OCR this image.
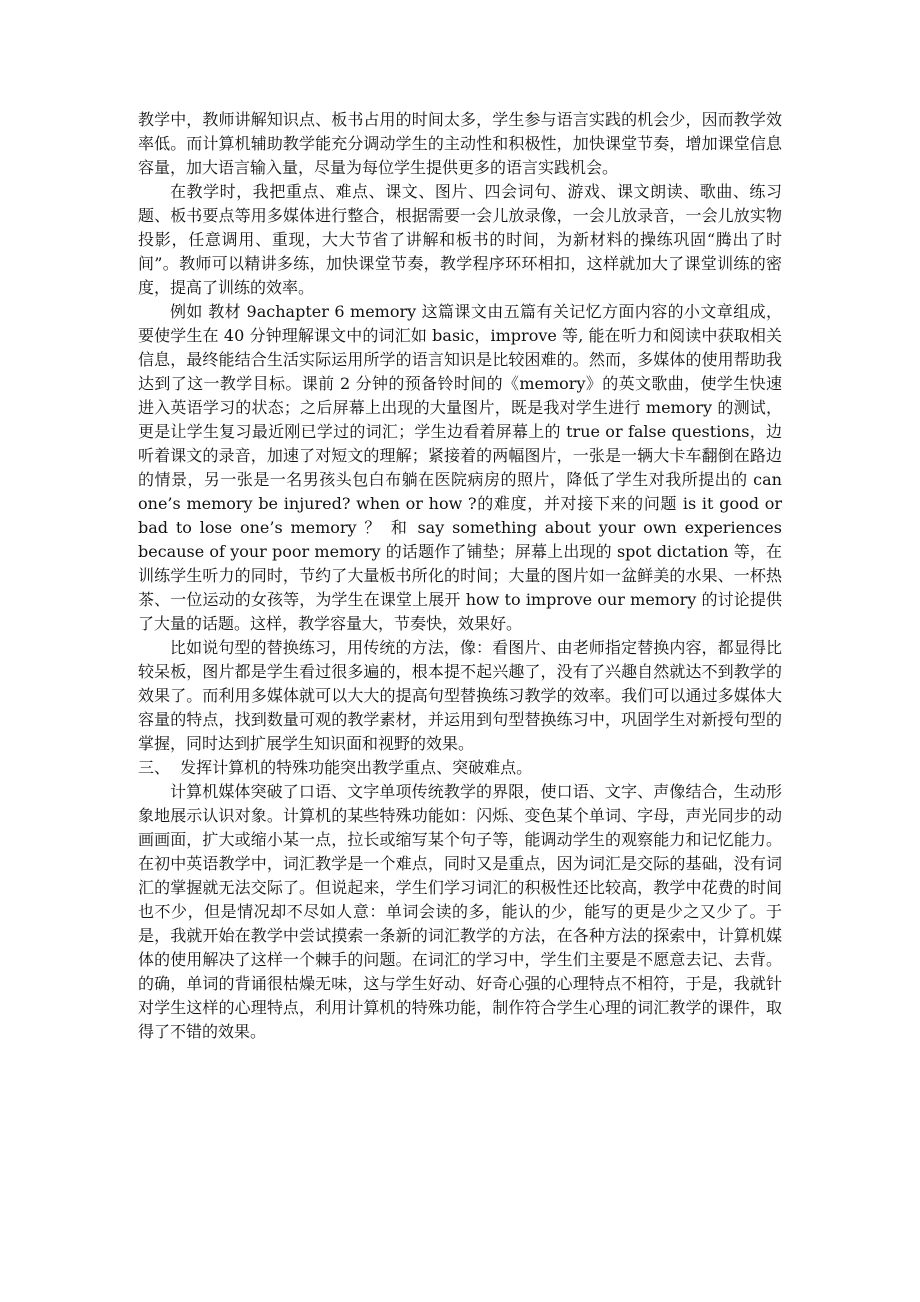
教学中，教师讲解知识点、板书占用的时间太多，学生参与语言实践的机会少，因而教学效率低。而计算机辅助教学能充分调动学生的主动性和积极性，加快课堂节奏，增加课堂信息容量，加大语言输入量，尽量为每位学生提供更多的语言实践机会。

在教学时，我把重点、难点、课文、图片、四会词句、游戏、课文朗读、歌曲、练习题、板书要点等用多媒体进行整合，根据需要一会儿放录像，一会儿放录音，一会儿放实物投影，任意调用、重现，大大节省了讲解和板书的时间，为新材料的操练巩固“腾出了时间”。教师可以精讲多练，加快课堂节奏，教学程序环环相扣，这样就加大了课堂训练的密度，提高了训练的效率。

例如 教材 9achapter 6 memory 这篇课文由五篇有关记忆方面内容的小文章组成，要使学生在 40 分钟理解课文中的词汇如 basic，improve 等, 能在听力和阅读中获取相关信息，最终能结合生活实际运用所学的语言知识是比较困难的。然而，多媒体的使用帮助我达到了这一教学目标。课前 2 分钟的预备铃时间的《memory》的英文歌曲，使学生快速进入英语学习的状态；之后屏幕上出现的大量图片，既是我对学生进行 memory 的测试，更是让学生复习最近刚已学过的词汇；学生边看着屏幕上的 true or false questions，边听着课文的录音，加速了对短文的理解；紧接着的两幅图片，一张是一辆大卡车翻倒在路边的情景，另一张是一名男孩头包白布躺在医院病房的照片，降低了学生对我所提出的 can one’s memory be injured? when or how ?的难度，并对接下来的问题 is it good or bad to lose one’s memory ？ 和 say something about your own experiences because of your poor memory 的话题作了铺垫；屏幕上出现的 spot dictation 等，在训练学生听力的同时，节约了大量板书所化的时间；大量的图片如一盆鲜美的水果、一杯热茶、一位运动的女孩等，为学生在课堂上展开 how to improve our memory 的讨论提供了大量的话题。这样，教学容量大，节奏快，效果好。

比如说句型的替换练习，用传统的方法，像：看图片、由老师指定替换内容，都显得比较呆板，图片都是学生看过很多遍的，根本提不起兴趣了，没有了兴趣自然就达不到教学的效果了。而利用多媒体就可以大大的提高句型替换练习教学的效率。我们可以通过多媒体大容量的特点，找到数量可观的教学素材，并运用到句型替换练习中，巩固学生对新授句型的掌握，同时达到扩展学生知识面和视野的效果。

三、  发挥计算机的特殊功能突出教学重点、突破难点。

计算机媒体突破了口语、文字单项传统教学的界限，使口语、文字、声像结合，生动形象地展示认识对象。计算机的某些特殊功能如：闪烁、变色某个单词、字母，声光同步的动画画面，扩大或缩小某一点，拉长或缩写某个句子等，能调动学生的观察能力和记忆能力。在初中英语教学中，词汇教学是一个难点，同时又是重点，因为词汇是交际的基础，没有词汇的掌握就无法交际了。但说起来，学生们学习词汇的积极性还比较高，教学中花费的时间也不少，但是情况却不尽如人意：单词会读的多，能认的少，能写的更是少之又少了。于是，我就开始在教学中尝试摸索一条新的词汇教学的方法，在各种方法的探索中，计算机媒体的使用解决了这样一个棘手的问题。在词汇的学习中，学生们主要是不愿意去记、去背。的确，单词的背诵很枯燥无味，这与学生好动、好奇心强的心理特点不相符，于是，我就针对学生这样的心理特点，利用计算机的特殊功能，制作符合学生心理的词汇教学的课件，取得了不错的效果。
